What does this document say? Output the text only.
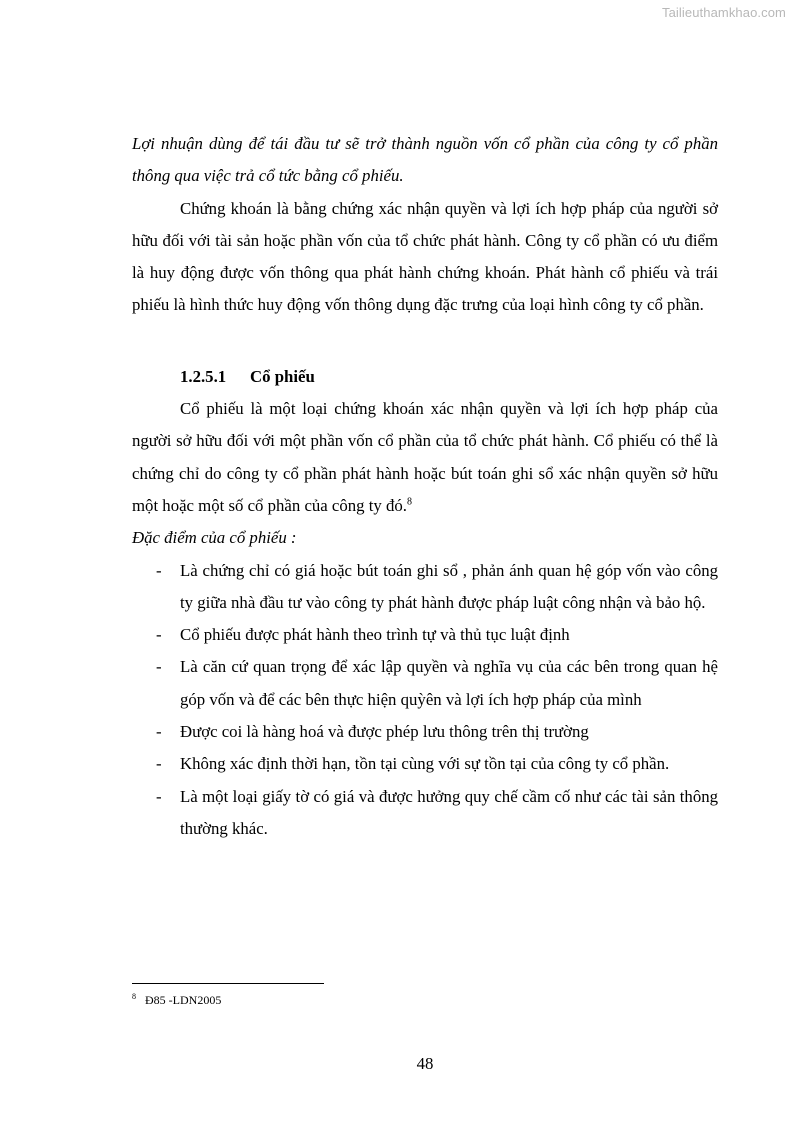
Tailieuthamkhao.com

Lợi nhuận dùng để tái đầu tư sẽ trở thành nguồn vốn cổ phần của công ty cổ phần thông qua việc trả cổ tức bằng cổ phiếu.

Chứng khoán là bằng chứng xác nhận quyền và lợi ích hợp pháp của người sở hữu đối với tài sản hoặc phần vốn của tổ chức phát hành. Công ty cổ phần có ưu điểm là huy động được vốn thông qua phát hành chứng khoán. Phát hành cổ phiếu và trái phiếu là hình thức huy động vốn thông dụng đặc trưng của loại hình công ty cổ phần.

1.2.5.1 Cổ phiếu

Cổ phiếu là một loại chứng khoán xác nhận quyền và lợi ích hợp pháp của người sở hữu đối với một phần vốn cổ phần của tổ chức phát hành. Cổ phiếu có thể là chứng chỉ do công ty cổ phần phát hành hoặc bút toán ghi sổ xác nhận quyền sở hữu một hoặc một số cổ phần của công ty đó.$^8$

Đặc điểm của cổ phiếu :

- Là chứng chỉ có giá hoặc bút toán ghi sổ , phản ánh quan hệ góp vốn vào công ty giữa nhà đầu tư vào công ty phát hành được pháp luật công nhận và bảo hộ.
- Cổ phiếu được phát hành theo trình tự và thủ tục luật định
- Là căn cứ quan trọng để xác lập quyền và nghĩa vụ của các bên trong quan hệ góp vốn và để các bên thực hiện quỳên và lợi ích hợp pháp của mình
- Được coi là hàng hoá và được phép lưu thông trên thị trường
- Không xác định thời hạn, tồn tại cùng với sự tồn tại của công ty cổ phần.
- Là một loại giấy tờ có giá và được hưởng quy chế cầm cố như các tài sản thông thường khác.
$^8$ Đ85 -LDN2005
48
